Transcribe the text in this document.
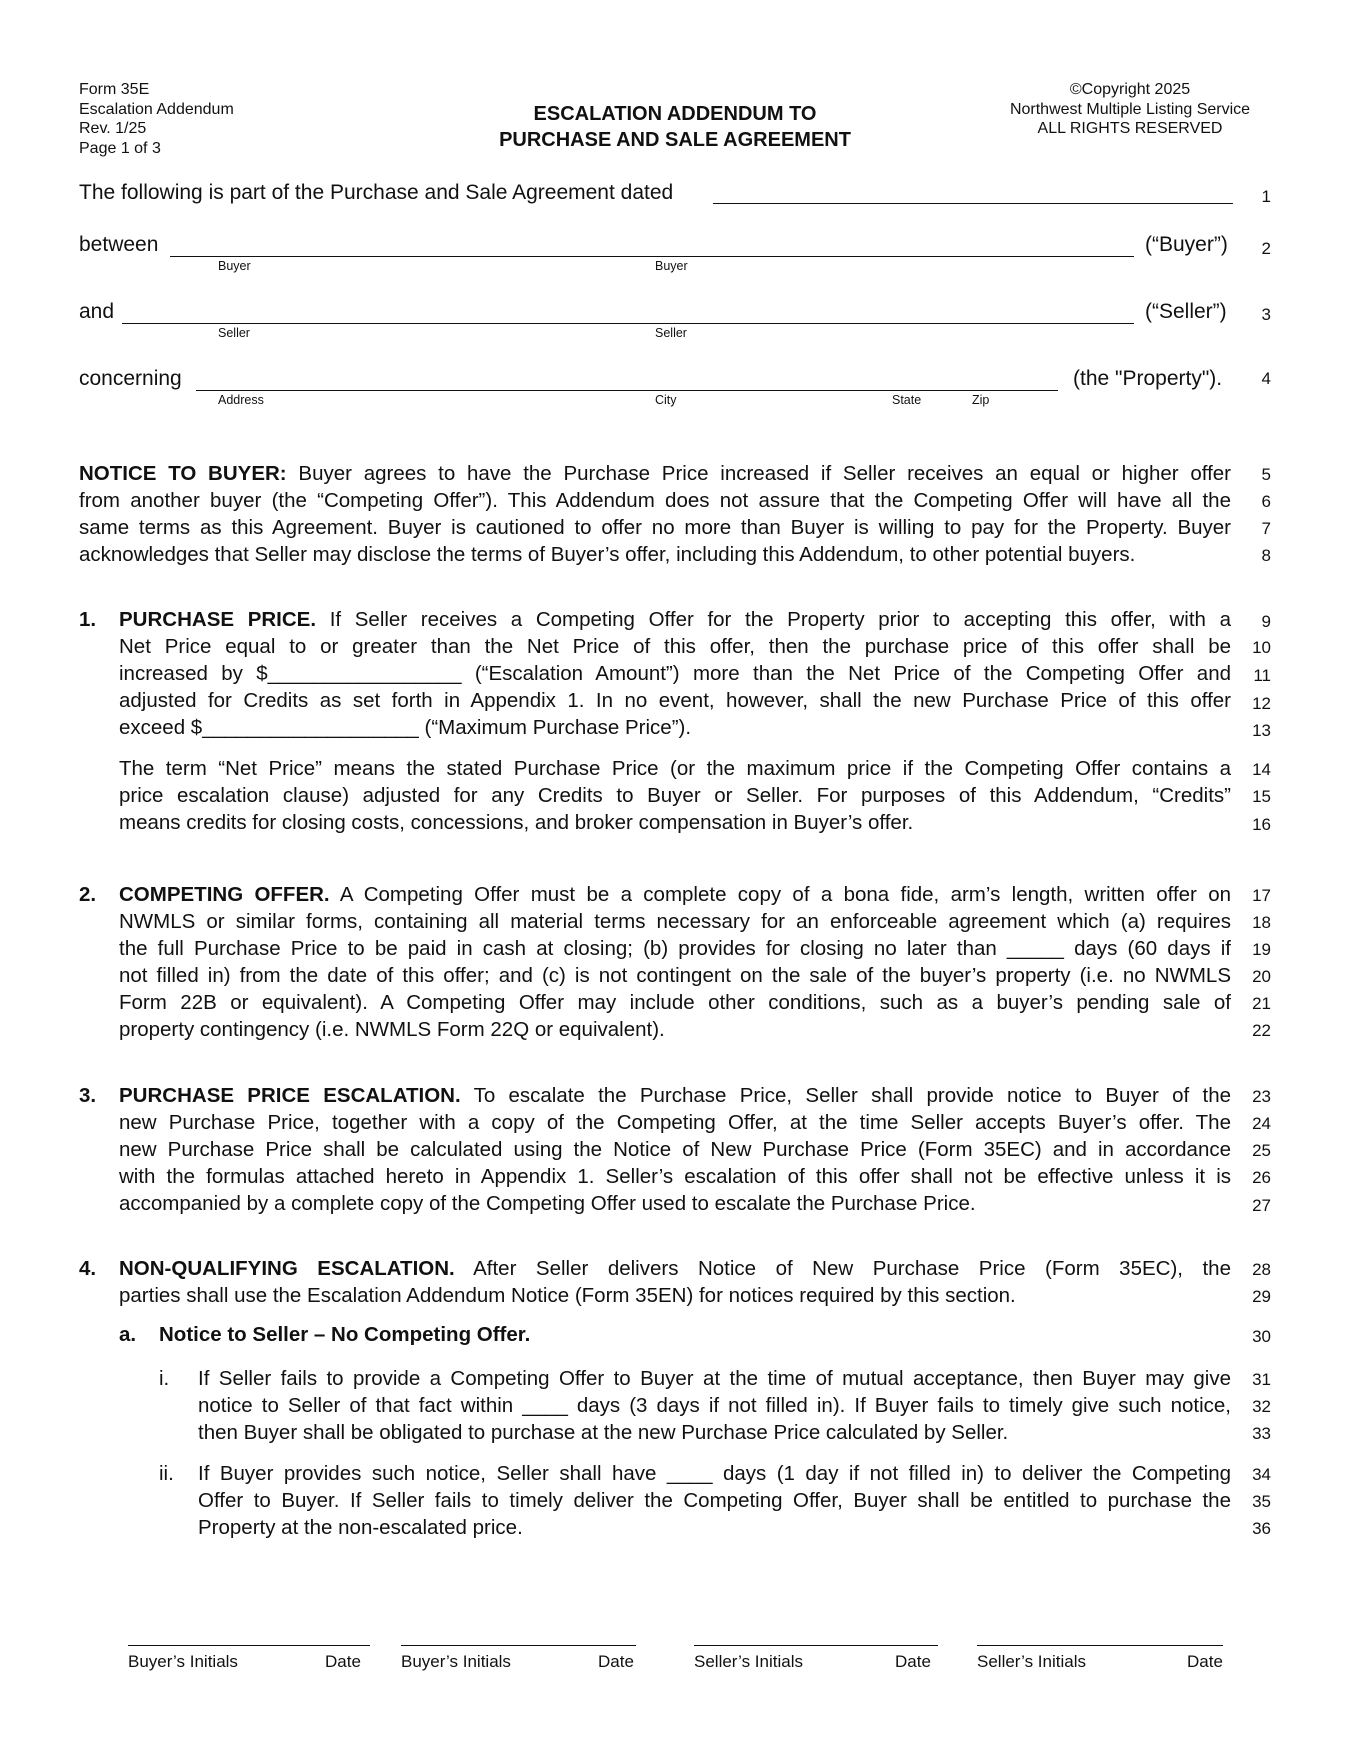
Form 35E
Escalation Addendum
Rev. 1/25
Page 1 of 3
ESCALATION ADDENDUM TO
PURCHASE AND SALE AGREEMENT
©Copyright 2025
Northwest Multiple Listing Service
ALL RIGHTS RESERVED
The following is part of the Purchase and Sale Agreement dated
between	(“Buyer”)
Buyer	Buyer
and	(“Seller”)
Seller	Seller
concerning	(the "Property").
Address	City	State	Zip
NOTICE TO BUYER: Buyer agrees to have the Purchase Price increased if Seller receives an equal or higher offer
from another buyer (the “Competing Offer”). This Addendum does not assure that the Competing Offer will have all the
same terms as this Agreement. Buyer is cautioned to offer no more than Buyer is willing to pay for the Property. Buyer
acknowledges that Seller may disclose the terms of Buyer’s offer, including this Addendum, to other potential buyers.
1. PURCHASE PRICE. If Seller receives a Competing Offer for the Property prior to accepting this offer, with a
Net Price equal to or greater than the Net Price of this offer, then the purchase price of this offer shall be
increased by $_________________ (“Escalation Amount”) more than the Net Price of the Competing Offer and
adjusted for Credits as set forth in Appendix 1. In no event, however, shall the new Purchase Price of this offer
exceed $___________________ (“Maximum Purchase Price”).
The term “Net Price” means the stated Purchase Price (or the maximum price if the Competing Offer contains a
price escalation clause) adjusted for any Credits to Buyer or Seller. For purposes of this Addendum, “Credits”
means credits for closing costs, concessions, and broker compensation in Buyer’s offer.
2. COMPETING OFFER. A Competing Offer must be a complete copy of a bona fide, arm’s length, written offer on
NWMLS or similar forms, containing all material terms necessary for an enforceable agreement which (a) requires
the full Purchase Price to be paid in cash at closing; (b) provides for closing no later than _____ days (60 days if
not filled in) from the date of this offer; and (c) is not contingent on the sale of the buyer’s property (i.e. no NWMLS
Form 22B or equivalent). A Competing Offer may include other conditions, such as a buyer’s pending sale of
property contingency (i.e. NWMLS Form 22Q or equivalent).
3. PURCHASE PRICE ESCALATION. To escalate the Purchase Price, Seller shall provide notice to Buyer of the
new Purchase Price, together with a copy of the Competing Offer, at the time Seller accepts Buyer’s offer. The
new Purchase Price shall be calculated using the Notice of New Purchase Price (Form 35EC) and in accordance
with the formulas attached hereto in Appendix 1. Seller’s escalation of this offer shall not be effective unless it is
accompanied by a complete copy of the Competing Offer used to escalate the Purchase Price.
4. NON-QUALIFYING ESCALATION. After Seller delivers Notice of New Purchase Price (Form 35EC), the
parties shall use the Escalation Addendum Notice (Form 35EN) for notices required by this section.
a. Notice to Seller – No Competing Offer.
i. If Seller fails to provide a Competing Offer to Buyer at the time of mutual acceptance, then Buyer may give
notice to Seller of that fact within ____ days (3 days if not filled in). If Buyer fails to timely give such notice,
then Buyer shall be obligated to purchase at the new Purchase Price calculated by Seller.
ii. If Buyer provides such notice, Seller shall have ____ days (1 day if not filled in) to deliver the Competing
Offer to Buyer. If Seller fails to timely deliver the Competing Offer, Buyer shall be entitled to purchase the
Property at the non-escalated price.
1
2
3
4
5
6
7
8
9
10
11
12
13
14
15
16
17
18
19
20
21
22
23
24
25
26
27
28
29
30
31
32
33
34
35
36
Buyer’s Initials	Date Buyer’s Initials	Date	Seller’s Initials	Date	Seller’s Initials	Date
